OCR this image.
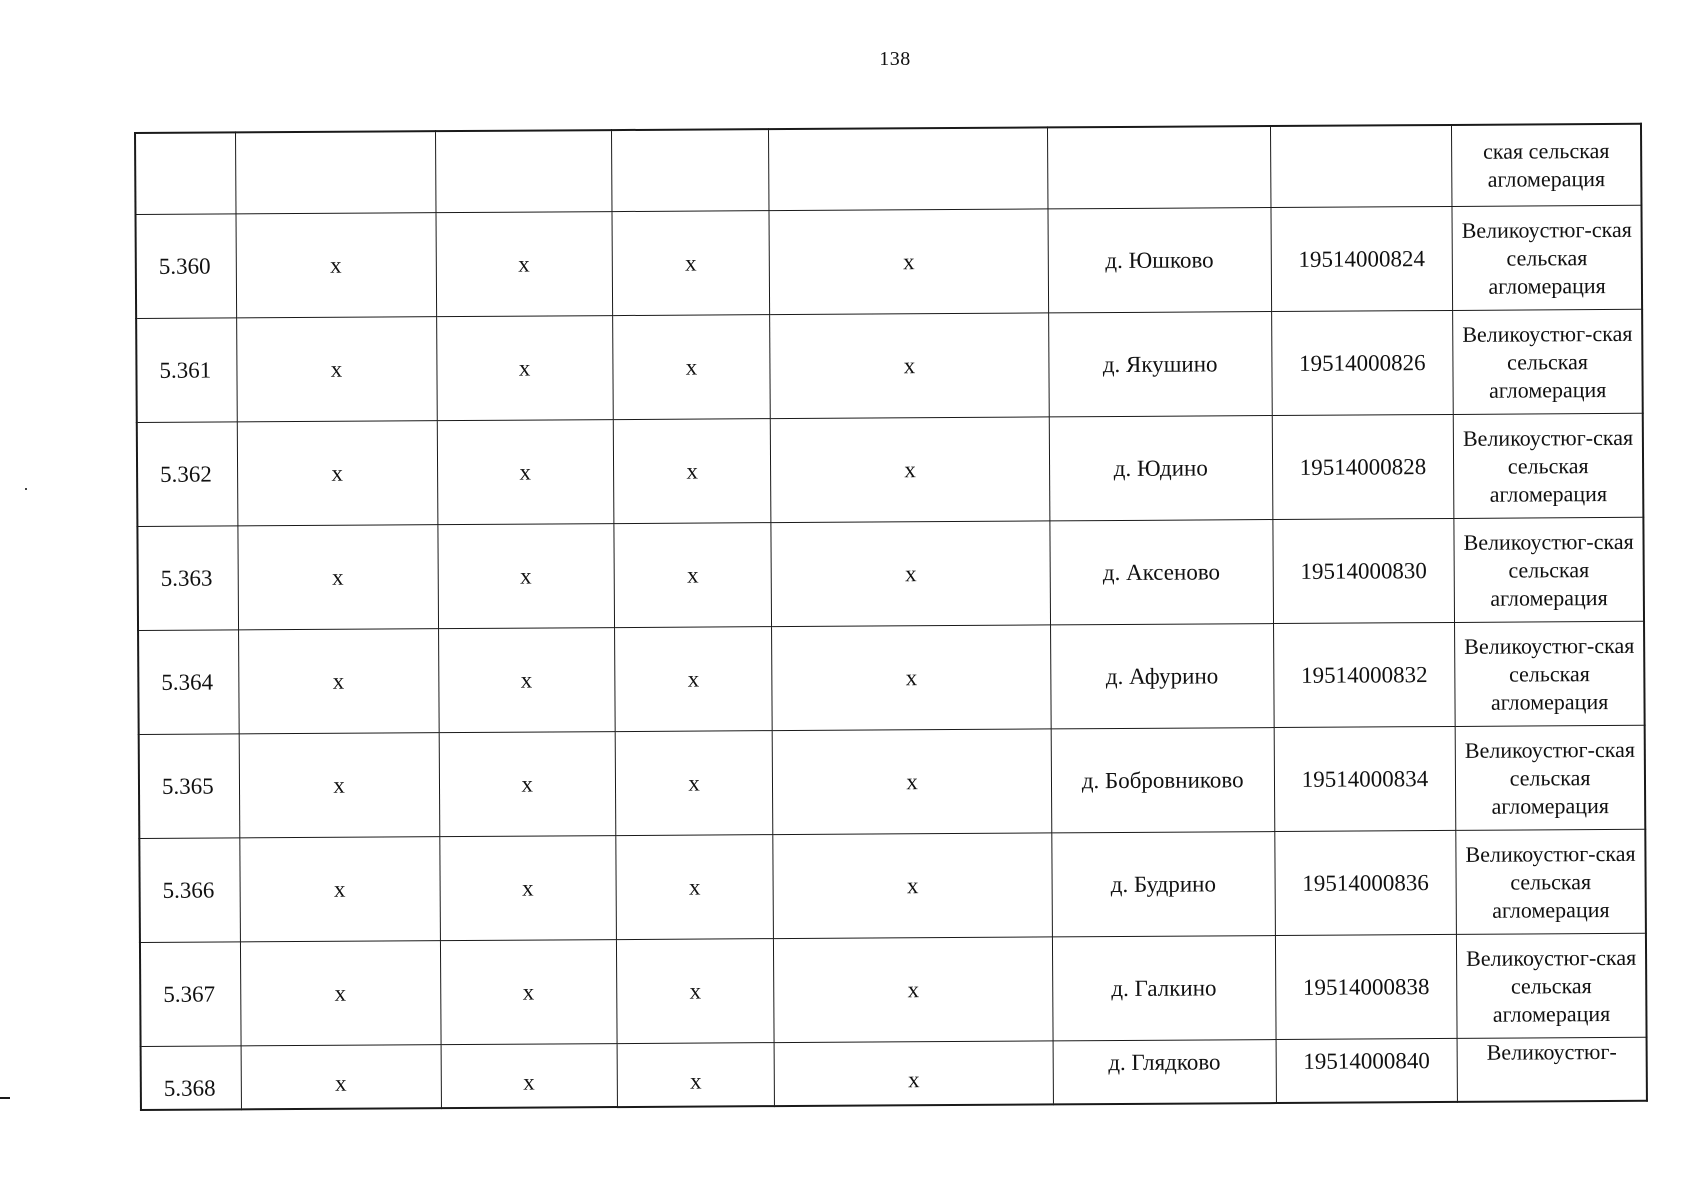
138
							ская сельская агломерация
5.360	х	х	х	х	д. Юшково	19514000824	Великоустюг-ская сельская агломерация
5.361	х	х	х	х	д. Якушино	19514000826	Великоустюг-ская сельская агломерация
5.362	х	х	х	х	д. Юдино	19514000828	Великоустюг-ская сельская агломерация
5.363	х	х	х	х	д. Аксеново	19514000830	Великоустюг-ская сельская агломерация
5.364	х	х	х	х	д. Афурино	19514000832	Великоустюг-ская сельская агломерация
5.365	х	х	х	х	д. Бобровниково	19514000834	Великоустюг-ская сельская агломерация
5.366	х	х	х	х	д. Будрино	19514000836	Великоустюг-ская сельская агломерация
5.367	х	х	х	х	д. Галкино	19514000838	Великоустюг-ская сельская агломерация
5.368	х	х	х	х	д. Глядково	19514000840	Великоустюг-
